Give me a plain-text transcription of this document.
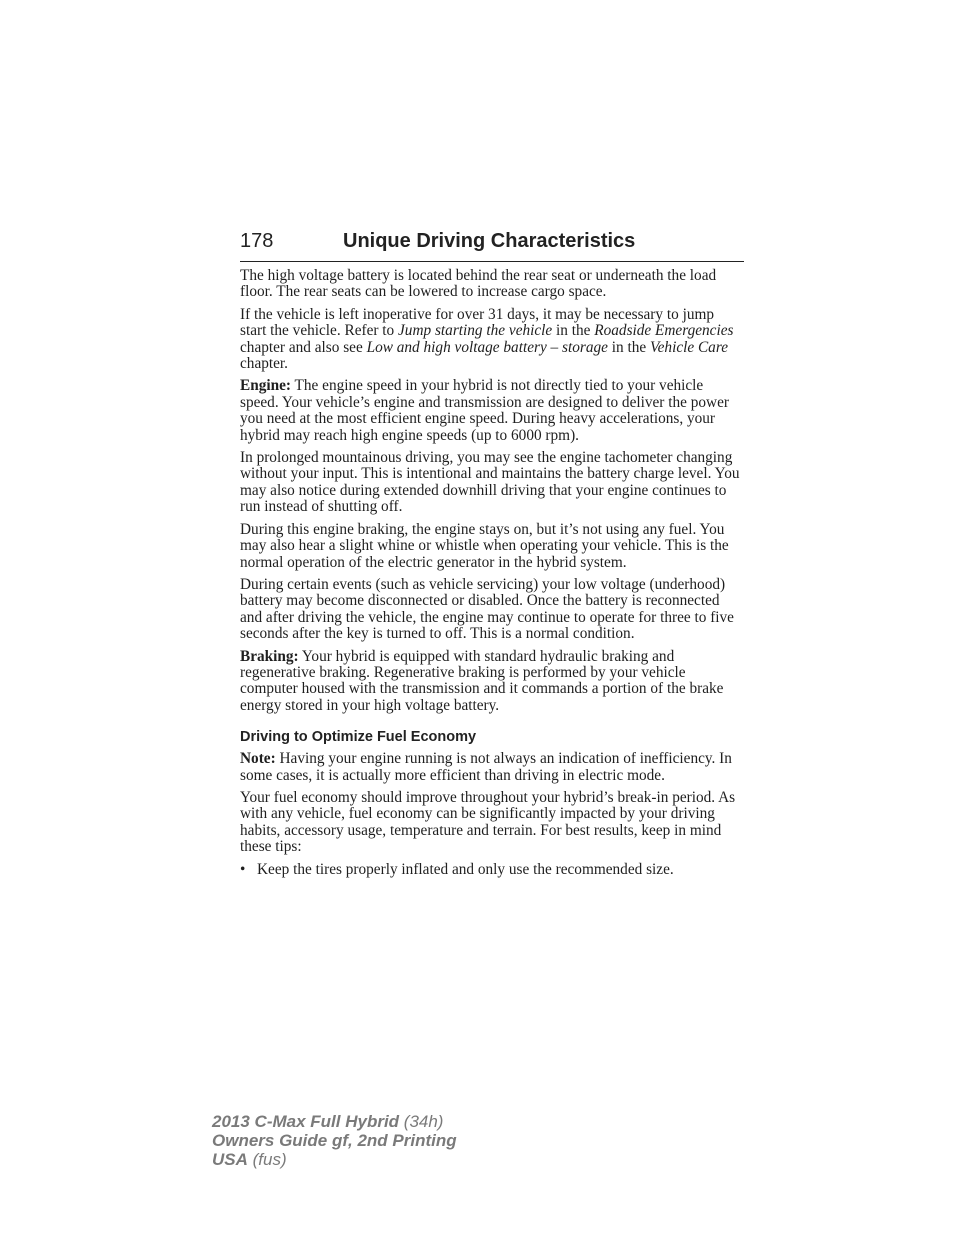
178	Unique Driving Characteristics

The high voltage battery is located behind the rear seat or underneath the load floor. The rear seats can be lowered to increase cargo space.

If the vehicle is left inoperative for over 31 days, it may be necessary to jump start the vehicle. Refer to Jump starting the vehicle in the Roadside Emergencies chapter and also see Low and high voltage battery – storage in the Vehicle Care chapter.

Engine: The engine speed in your hybrid is not directly tied to your vehicle speed. Your vehicle’s engine and transmission are designed to deliver the power you need at the most efficient engine speed. During heavy accelerations, your hybrid may reach high engine speeds (up to 6000 rpm).

In prolonged mountainous driving, you may see the engine tachometer changing without your input. This is intentional and maintains the battery charge level. You may also notice during extended downhill driving that your engine continues to run instead of shutting off.

During this engine braking, the engine stays on, but it’s not using any fuel. You may also hear a slight whine or whistle when operating your vehicle. This is the normal operation of the electric generator in the hybrid system.

During certain events (such as vehicle servicing) your low voltage (underhood) battery may become disconnected or disabled. Once the battery is reconnected and after driving the vehicle, the engine may continue to operate for three to five seconds after the key is turned to off. This is a normal condition.

Braking: Your hybrid is equipped with standard hydraulic braking and regenerative braking. Regenerative braking is performed by your vehicle computer housed with the transmission and it commands a portion of the brake energy stored in your high voltage battery.

Driving to Optimize Fuel Economy

Note: Having your engine running is not always an indication of inefficiency. In some cases, it is actually more efficient than driving in electric mode.

Your fuel economy should improve throughout your hybrid’s break-in period. As with any vehicle, fuel economy can be significantly impacted by your driving habits, accessory usage, temperature and terrain. For best results, keep in mind these tips:

• Keep the tires properly inflated and only use the recommended size.
2013 C-Max Full Hybrid (34h)
Owners Guide gf, 2nd Printing
USA (fus)
